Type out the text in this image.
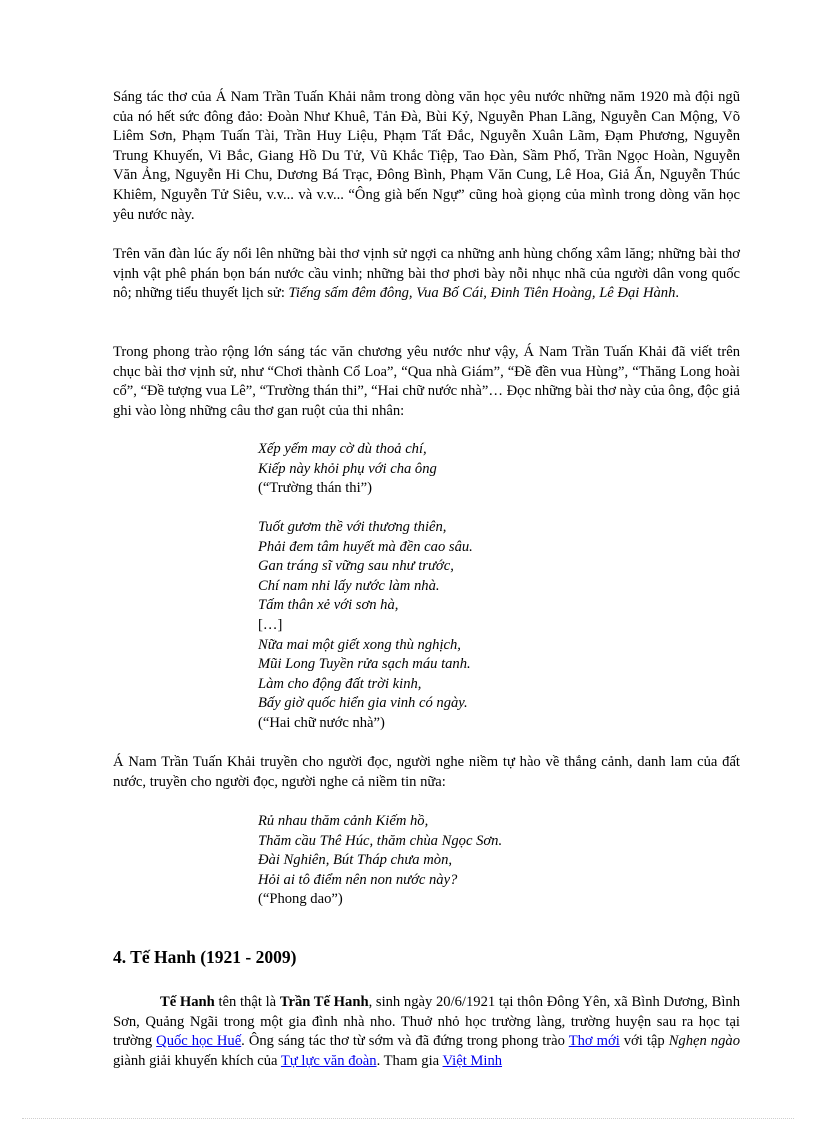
Sáng tác thơ của Á Nam Trần Tuấn Khải nằm trong dòng văn học yêu nước những năm 1920 mà đội ngũ của nó hết sức đông đảo: Đoàn Như Khuê, Tản Đà, Bùi Kỷ, Nguyễn Phan Lãng, Nguyễn Can Mộng, Võ Liêm Sơn, Phạm Tuấn Tài, Trần Huy Liệu, Phạm Tất Đắc, Nguyễn Xuân Lãm, Đạm Phương, Nguyễn Trung Khuyến, Vi Bắc, Giang Hồ Du Tử, Vũ Khắc Tiệp, Tao Đàn, Sầm Phố, Trần Ngọc Hoàn, Nguyễn Văn Ảng, Nguyễn Hi Chu, Dương Bá Trạc, Đông Bình, Phạm Văn Cung, Lê Hoa, Giả Ẩn, Nguyễn Thúc Khiêm, Nguyễn Tử Siêu, v.v... và v.v... “Ông già bến Ngự” cũng hoà giọng của mình trong dòng văn học yêu nước này.

Trên văn đàn lúc ấy nổi lên những bài thơ vịnh sử ngợi ca những anh hùng chống xâm lăng; những bài thơ vịnh vật phê phán bọn bán nước cầu vinh; những bài thơ phơi bày nỗi nhục nhã của người dân vong quốc nô; những tiểu thuyết lịch sử: Tiếng sấm đêm đông, Vua Bố Cái, Đinh Tiên Hoàng, Lê Đại Hành.

Trong phong trào rộng lớn sáng tác văn chương yêu nước như vậy, Á Nam Trần Tuấn Khải đã viết trên chục bài thơ vịnh sử, như “Chơi thành Cổ Loa”, “Qua nhà Giám”, “Đề đền vua Hùng”, “Thăng Long hoài cổ”, “Đề tượng vua Lê”, “Trường thán thi”, “Hai chữ nước nhà”… Đọc những bài thơ này của ông, độc giả ghi vào lòng những câu thơ gan ruột của thi nhân:

Xếp yếm may cờ dù thoả chí,
Kiếp này khỏi phụ với cha ông
(“Trường thán thi”)
Tuốt gươm thề với thương thiên,
Phải đem tâm huyết mà đền cao sâu.
Gan tráng sĩ vững sau như trước,
Chí nam nhi lấy nước làm nhà.
Tấm thân xẻ với sơn hà,
[…]
Nữa mai một giết xong thù nghịch,
Mũi Long Tuyền rửa sạch máu tanh.
Làm cho động đất trời kinh,
Bấy giờ quốc hiển gia vinh có ngày.
(“Hai chữ nước nhà”)

Á Nam Trần Tuấn Khải truyền cho người đọc, người nghe niềm tự hào về thắng cảnh, danh lam của đất nước, truyền cho người đọc, người nghe cả niềm tin nữa:

Rủ nhau thăm cảnh Kiếm hồ,
Thăm cầu Thê Húc, thăm chùa Ngọc Sơn.
Đài Nghiên, Bút Tháp chưa mòn,
Hỏi ai tô điểm nên non nước này?
(“Phong dao”)
4. Tế Hanh (1921 - 2009)

Tế Hanh tên thật là Trần Tế Hanh, sinh ngày 20/6/1921 tại thôn Đông Yên, xã Bình Dương, Bình Sơn, Quảng Ngãi trong một gia đình nhà nho. Thuở nhỏ học trường làng, trường huyện sau ra học tại trường Quốc học Huế. Ông sáng tác thơ từ sớm và đã đứng trong phong trào Thơ mới với tập Nghẹn ngào giành giải khuyến khích của Tự lực văn đoàn. Tham gia Việt Minh
